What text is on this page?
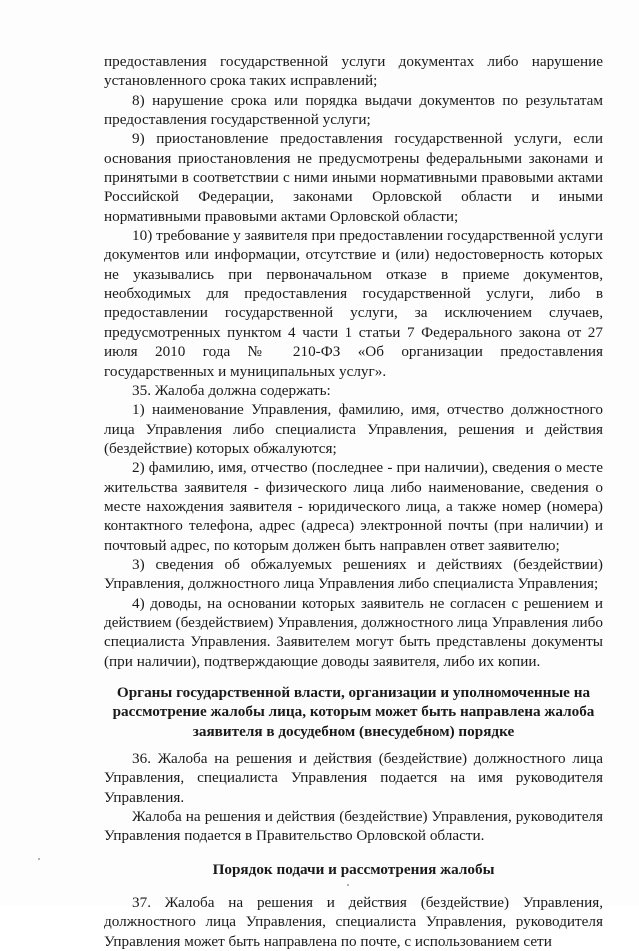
предоставления государственной услуги документах либо нарушение установленного срока таких исправлений;

8) нарушение срока или порядка выдачи документов по результатам предоставления государственной услуги;

9) приостановление предоставления государственной услуги, если основания приостановления не предусмотрены федеральными законами и принятыми в соответствии с ними иными нормативными правовыми актами Российской Федерации, законами Орловской области и иными нормативными правовыми актами Орловской области;

10) требование у заявителя при предоставлении государственной услуги документов или информации, отсутствие и (или) недостоверность которых не указывались при первоначальном отказе в приеме документов, необходимых для предоставления государственной услуги, либо в предоставлении государственной услуги, за исключением случаев, предусмотренных пунктом 4 части 1 статьи 7 Федерального закона от 27 июля 2010 года № 210-ФЗ «Об организации предоставления государственных и муниципальных услуг».

35. Жалоба должна содержать:

1) наименование Управления, фамилию, имя, отчество должностного лица Управления либо специалиста Управления, решения и действия (бездействие) которых обжалуются;

2) фамилию, имя, отчество (последнее - при наличии), сведения о месте жительства заявителя - физического лица либо наименование, сведения о месте нахождения заявителя - юридического лица, а также номер (номера) контактного телефона, адрес (адреса) электронной почты (при наличии) и почтовый адрес, по которым должен быть направлен ответ заявителю;

3) сведения об обжалуемых решениях и действиях (бездействии) Управления, должностного лица Управления либо специалиста Управления;

4) доводы, на основании которых заявитель не согласен с решением и действием (бездействием) Управления, должностного лица Управления либо специалиста Управления. Заявителем могут быть представлены документы (при наличии), подтверждающие доводы заявителя, либо их копии.

Органы государственной власти, организации и уполномоченные на рассмотрение жалобы лица, которым может быть направлена жалоба заявителя в досудебном (внесудебном) порядке

36. Жалоба на решения и действия (бездействие) должностного лица Управления, специалиста Управления подается на имя руководителя Управления.

Жалоба на решения и действия (бездействие) Управления, руководителя Управления подается в Правительство Орловской области.

Порядок подачи и рассмотрения жалобы

37. Жалоба на решения и действия (бездействие) Управления, должностного лица Управления, специалиста Управления, руководителя Управления может быть направлена по почте, с использованием сети
